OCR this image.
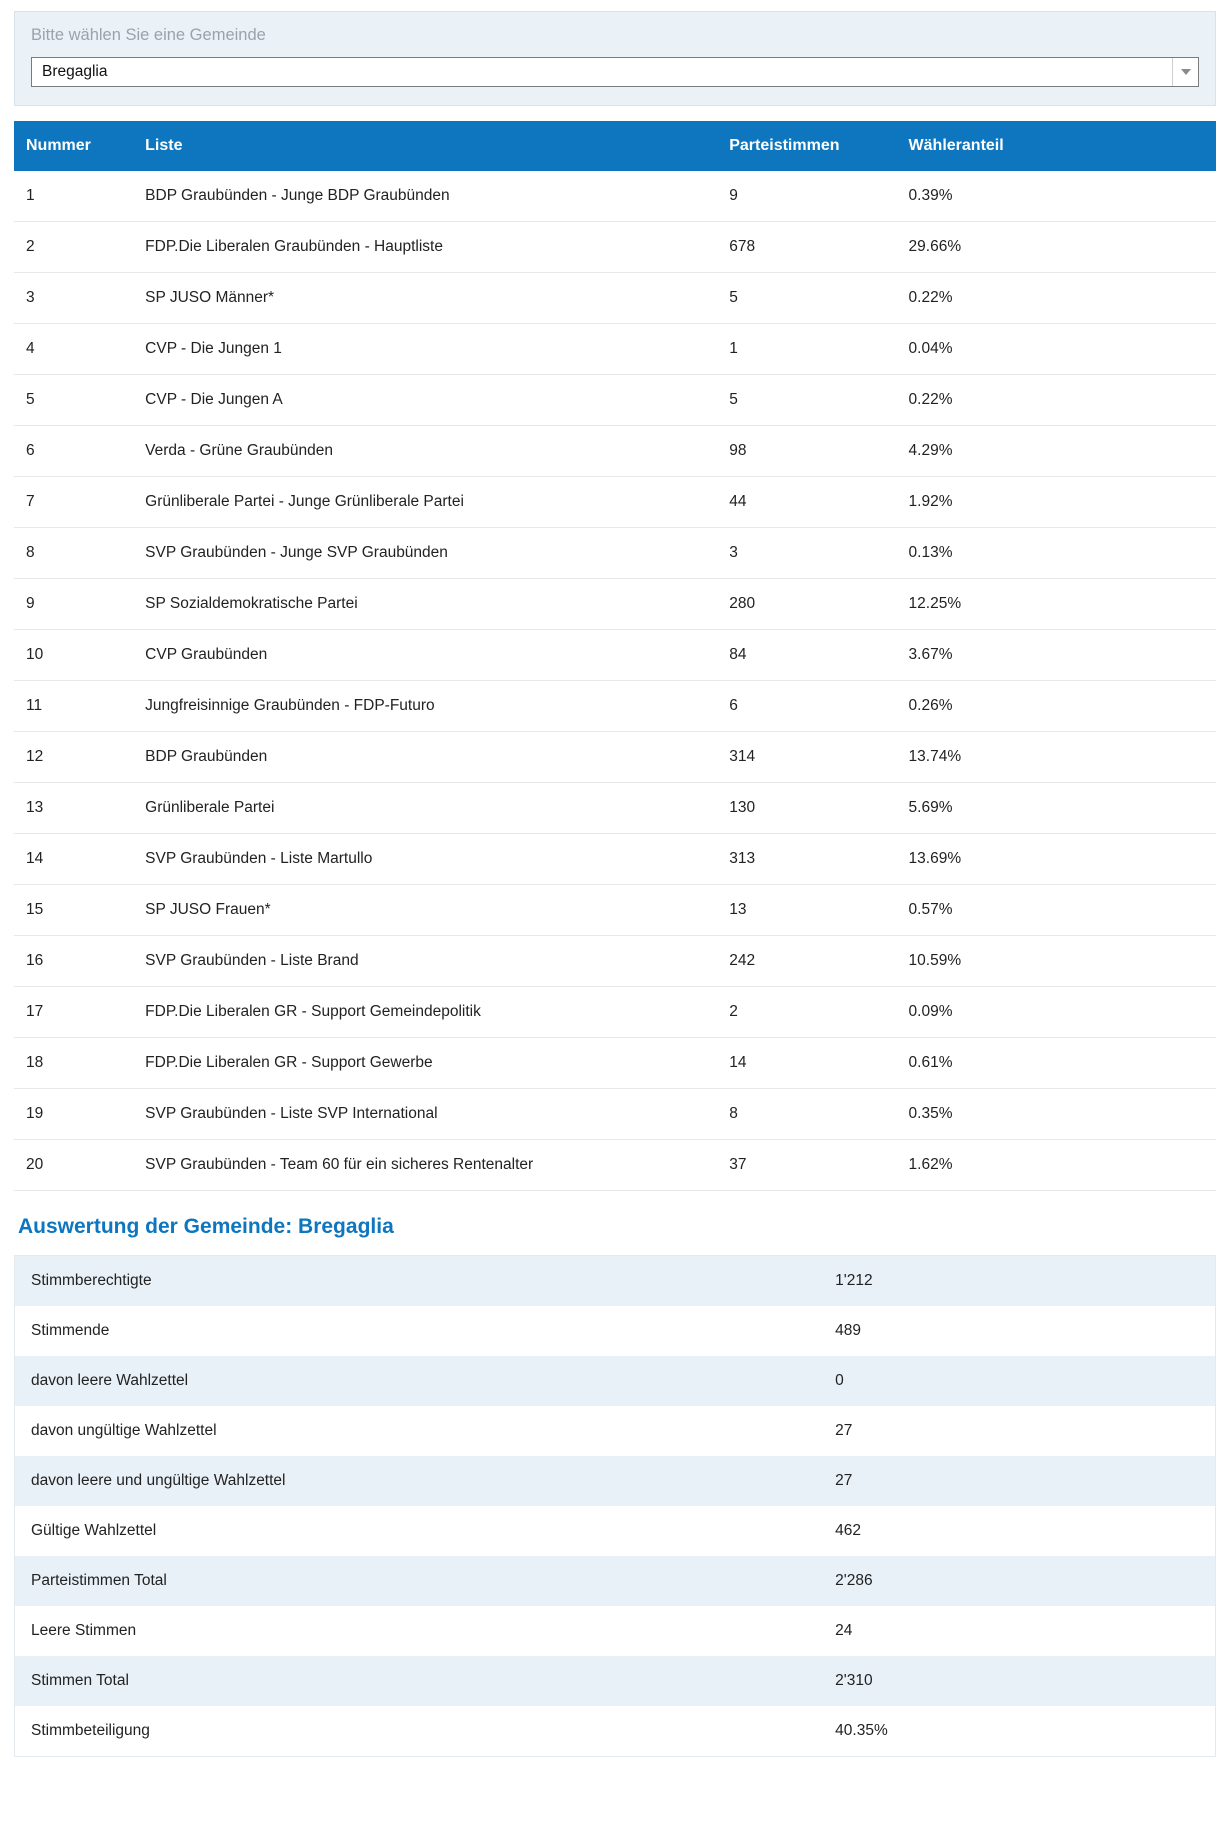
Bitte wählen Sie eine Gemeinde
Bregaglia
Nummer	Liste	Parteistimmen	Wähleranteil
1	BDP Graubünden - Junge BDP Graubünden	9	0.39%
2	FDP.Die Liberalen Graubünden - Hauptliste	678	29.66%
3	SP JUSO Männer*	5	0.22%
4	CVP - Die Jungen 1	1	0.04%
5	CVP - Die Jungen A	5	0.22%
6	Verda - Grüne Graubünden	98	4.29%
7	Grünliberale Partei - Junge Grünliberale Partei	44	1.92%
8	SVP Graubünden - Junge SVP Graubünden	3	0.13%
9	SP Sozialdemokratische Partei	280	12.25%
10	CVP Graubünden	84	3.67%
11	Jungfreisinnige Graubünden - FDP-Futuro	6	0.26%
12	BDP Graubünden	314	13.74%
13	Grünliberale Partei	130	5.69%
14	SVP Graubünden - Liste Martullo	313	13.69%
15	SP JUSO Frauen*	13	0.57%
16	SVP Graubünden - Liste Brand	242	10.59%
17	FDP.Die Liberalen GR - Support Gemeindepolitik	2	0.09%
18	FDP.Die Liberalen GR - Support Gewerbe	14	0.61%
19	SVP Graubünden - Liste SVP International	8	0.35%
20	SVP Graubünden - Team 60 für ein sicheres Rentenalter	37	1.62%
Auswertung der Gemeinde: Bregaglia
Stimmberechtigte	1'212
Stimmende	489
davon leere Wahlzettel	0
davon ungültige Wahlzettel	27
davon leere und ungültige Wahlzettel	27
Gültige Wahlzettel	462
Parteistimmen Total	2'286
Leere Stimmen	24
Stimmen Total	2'310
Stimmbeteiligung	40.35%
